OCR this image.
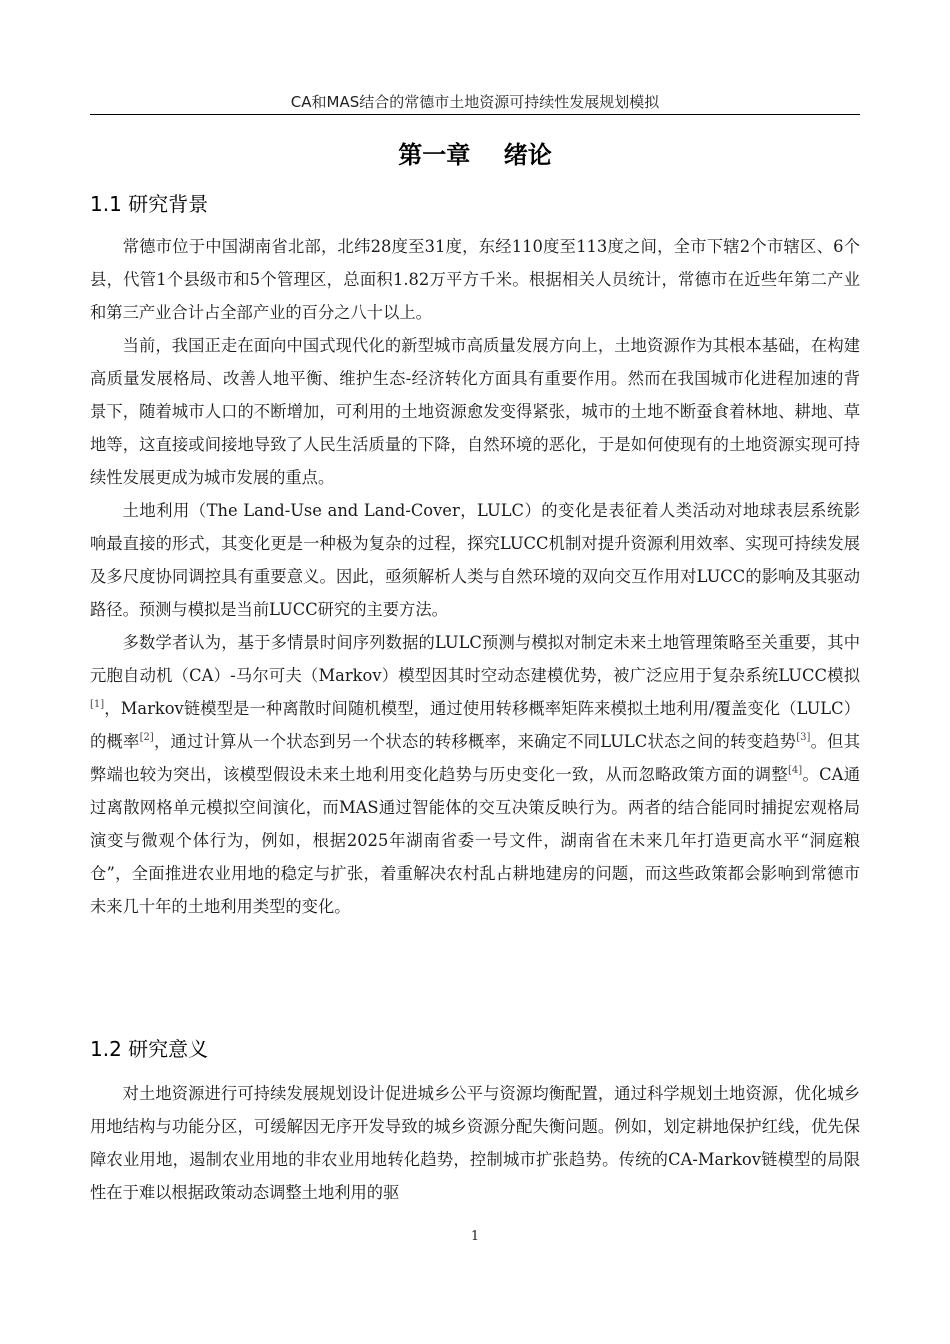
CA和MAS结合的常德市土地资源可持续性发展规划模拟
第一章    绪论
1.1 研究背景

常德市位于中国湖南省北部，北纬28度至31度，东经110度至113度之间，全市下辖2个市辖区、6个县，代管1个县级市和5个管理区，总面积1.82万平方千米。根据相关人员统计，常德市在近些年第二产业和第三产业合计占全部产业的百分之八十以上。

当前，我国正走在面向中国式现代化的新型城市高质量发展方向上，土地资源作为其根本基础，在构建高质量发展格局、改善人地平衡、维护生态-经济转化方面具有重要作用。然而在我国城市化进程加速的背景下，随着城市人口的不断增加，可利用的土地资源愈发变得紧张，城市的土地不断蚕食着林地、耕地、草地等，这直接或间接地导致了人民生活质量的下降，自然环境的恶化，于是如何使现有的土地资源实现可持续性发展更成为城市发展的重点。

土地利用（The Land-Use and Land-Cover，LULC）的变化是表征着人类活动对地球表层系统影响最直接的形式，其变化更是一种极为复杂的过程，探究LUCC机制对提升资源利用效率、实现可持续发展及多尺度协同调控具有重要意义。因此，亟须解析人类与自然环境的双向交互作用对LUCC的影响及其驱动路径。预测与模拟是当前LUCC研究的主要方法。

多数学者认为，基于多情景时间序列数据的LULC预测与模拟对制定未来土地管理策略至关重要，其中元胞自动机（CA）-马尔可夫（Markov）模型因其时空动态建模优势，被广泛应用于复杂系统LUCC模拟[1]，Markov链模型是一种离散时间随机模型，通过使用转移概率矩阵来模拟土地利用/覆盖变化（LULC）的概率[2]，通过计算从一个状态到另一个状态的转移概率，来确定不同LULC状态之间的转变趋势[3]。但其弊端也较为突出，该模型假设未来土地利用变化趋势与历史变化一致，从而忽略政策方面的调整[4]。CA通过离散网格单元模拟空间演化，而MAS通过智能体的交互决策反映行为。两者的结合能同时捕捉宏观格局演变与微观个体行为，例如，根据2025年湖南省委一号文件，湖南省在未来几年打造更高水平“洞庭粮仓”，全面推进农业用地的稳定与扩张，着重解决农村乱占耕地建房的问题，而这些政策都会影响到常德市未来几十年的土地利用类型的变化。

1.2 研究意义

对土地资源进行可持续发展规划设计促进城乡公平与资源均衡配置，通过科学规划土地资源，优化城乡用地结构与功能分区，可缓解因无序开发导致的城乡资源分配失衡问题。例如，划定耕地保护红线，优先保障农业用地，遏制农业用地的非农业用地转化趋势，控制城市扩张趋势。传统的CA-Markov链模型的局限性在于难以根据政策动态调整土地利用的驱

1
